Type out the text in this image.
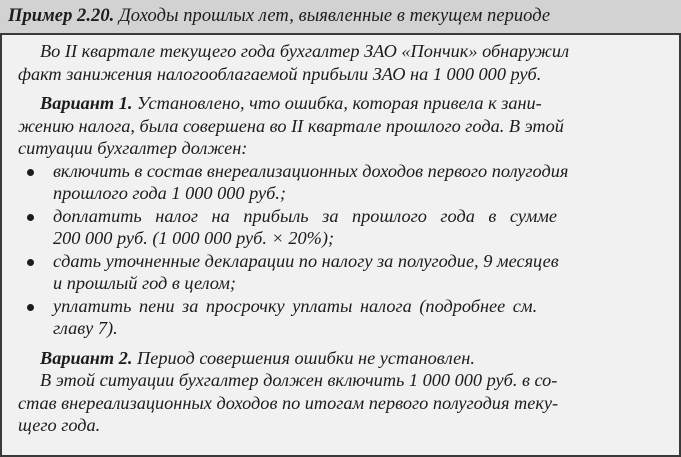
Пример 2.20. Доходы прошлых лет, выявленные в текущем периоде

Во II квартале текущего года бухгалтер ЗАО «Пончик» обнаружил

факт занижения налогооблагаемой прибыли ЗАО на 1 000 000 руб.

Вариант 1. Установлено, что ошибка, которая привела к зани-

жению налога, была совершена во II квартале прошлого года. В этой

ситуации бухгалтер должен:

включить в состав внереализационных доходов первого полугодия
прошлого года 1 000 000 руб.;
доплатить налог на прибыль за прошлого года в сумме
200 000 руб. (1 000 000 руб. × 20%);
сдать уточненные декларации по налогу за полугодие, 9 месяцев
и прошлый год в целом;
уплатить пени за просрочку уплаты налога (подробнее см.
главу 7).

Вариант 2. Период совершения ошибки не установлен.

В этой ситуации бухгалтер должен включить 1 000 000 руб. в со-

став внереализационных доходов по итогам первого полугодия теку-

щего года.
